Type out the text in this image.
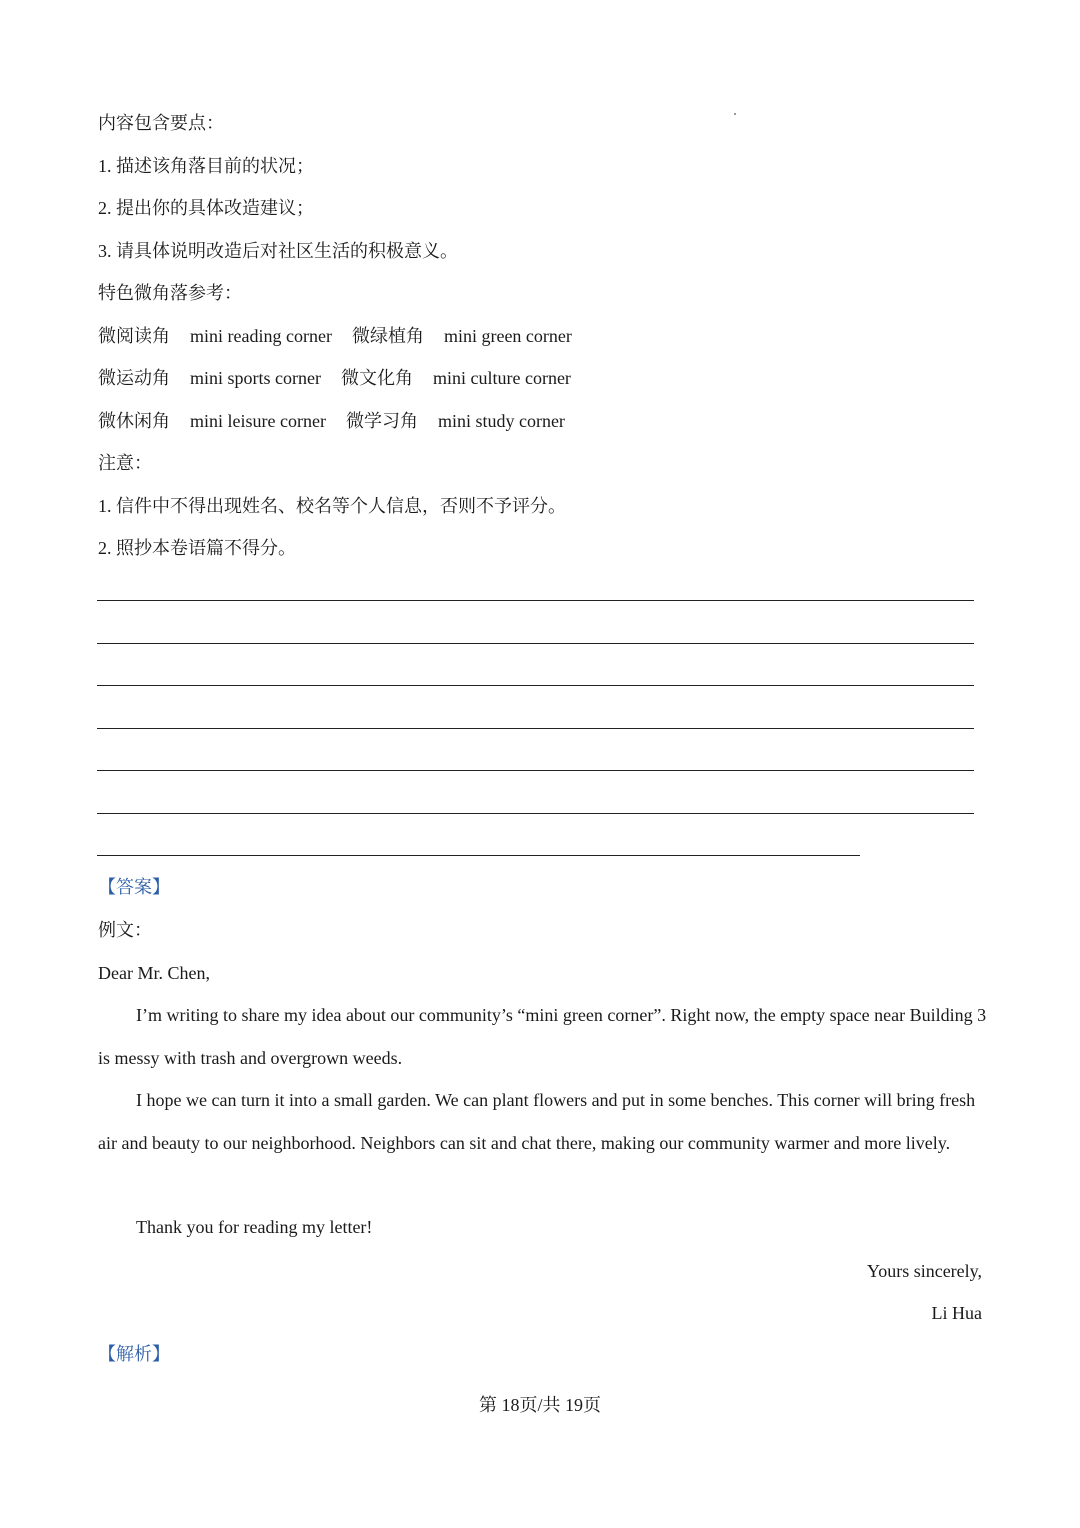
内容包含要点：
1. 描述该角落目前的状况；
2. 提出你的具体改造建议；
3. 请具体说明改造后对社区生活的积极意义。
特色微角落参考：
微阅读角 mini reading corner 微绿植角 mini green corner
微运动角 mini sports corner 微文化角 mini culture corner
微休闲角 mini leisure corner 微学习角 mini study corner
注意：
1. 信件中不得出现姓名、校名等个人信息，否则不予评分。
2. 照抄本卷语篇不得分。
【答案】
例文：
Dear Mr. Chen,
I’m writing to share my idea about our community’s “mini green corner”. Right now, the empty space near Building 3 is messy with trash and overgrown weeds.
I hope we can turn it into a small garden. We can plant flowers and put in some benches. This corner will bring fresh air and beauty to our neighborhood. Neighbors can sit and chat there, making our community warmer and more lively.
Thank you for reading my letter!
Yours sincerely,
Li Hua
【解析】
第 18页/共 19页
